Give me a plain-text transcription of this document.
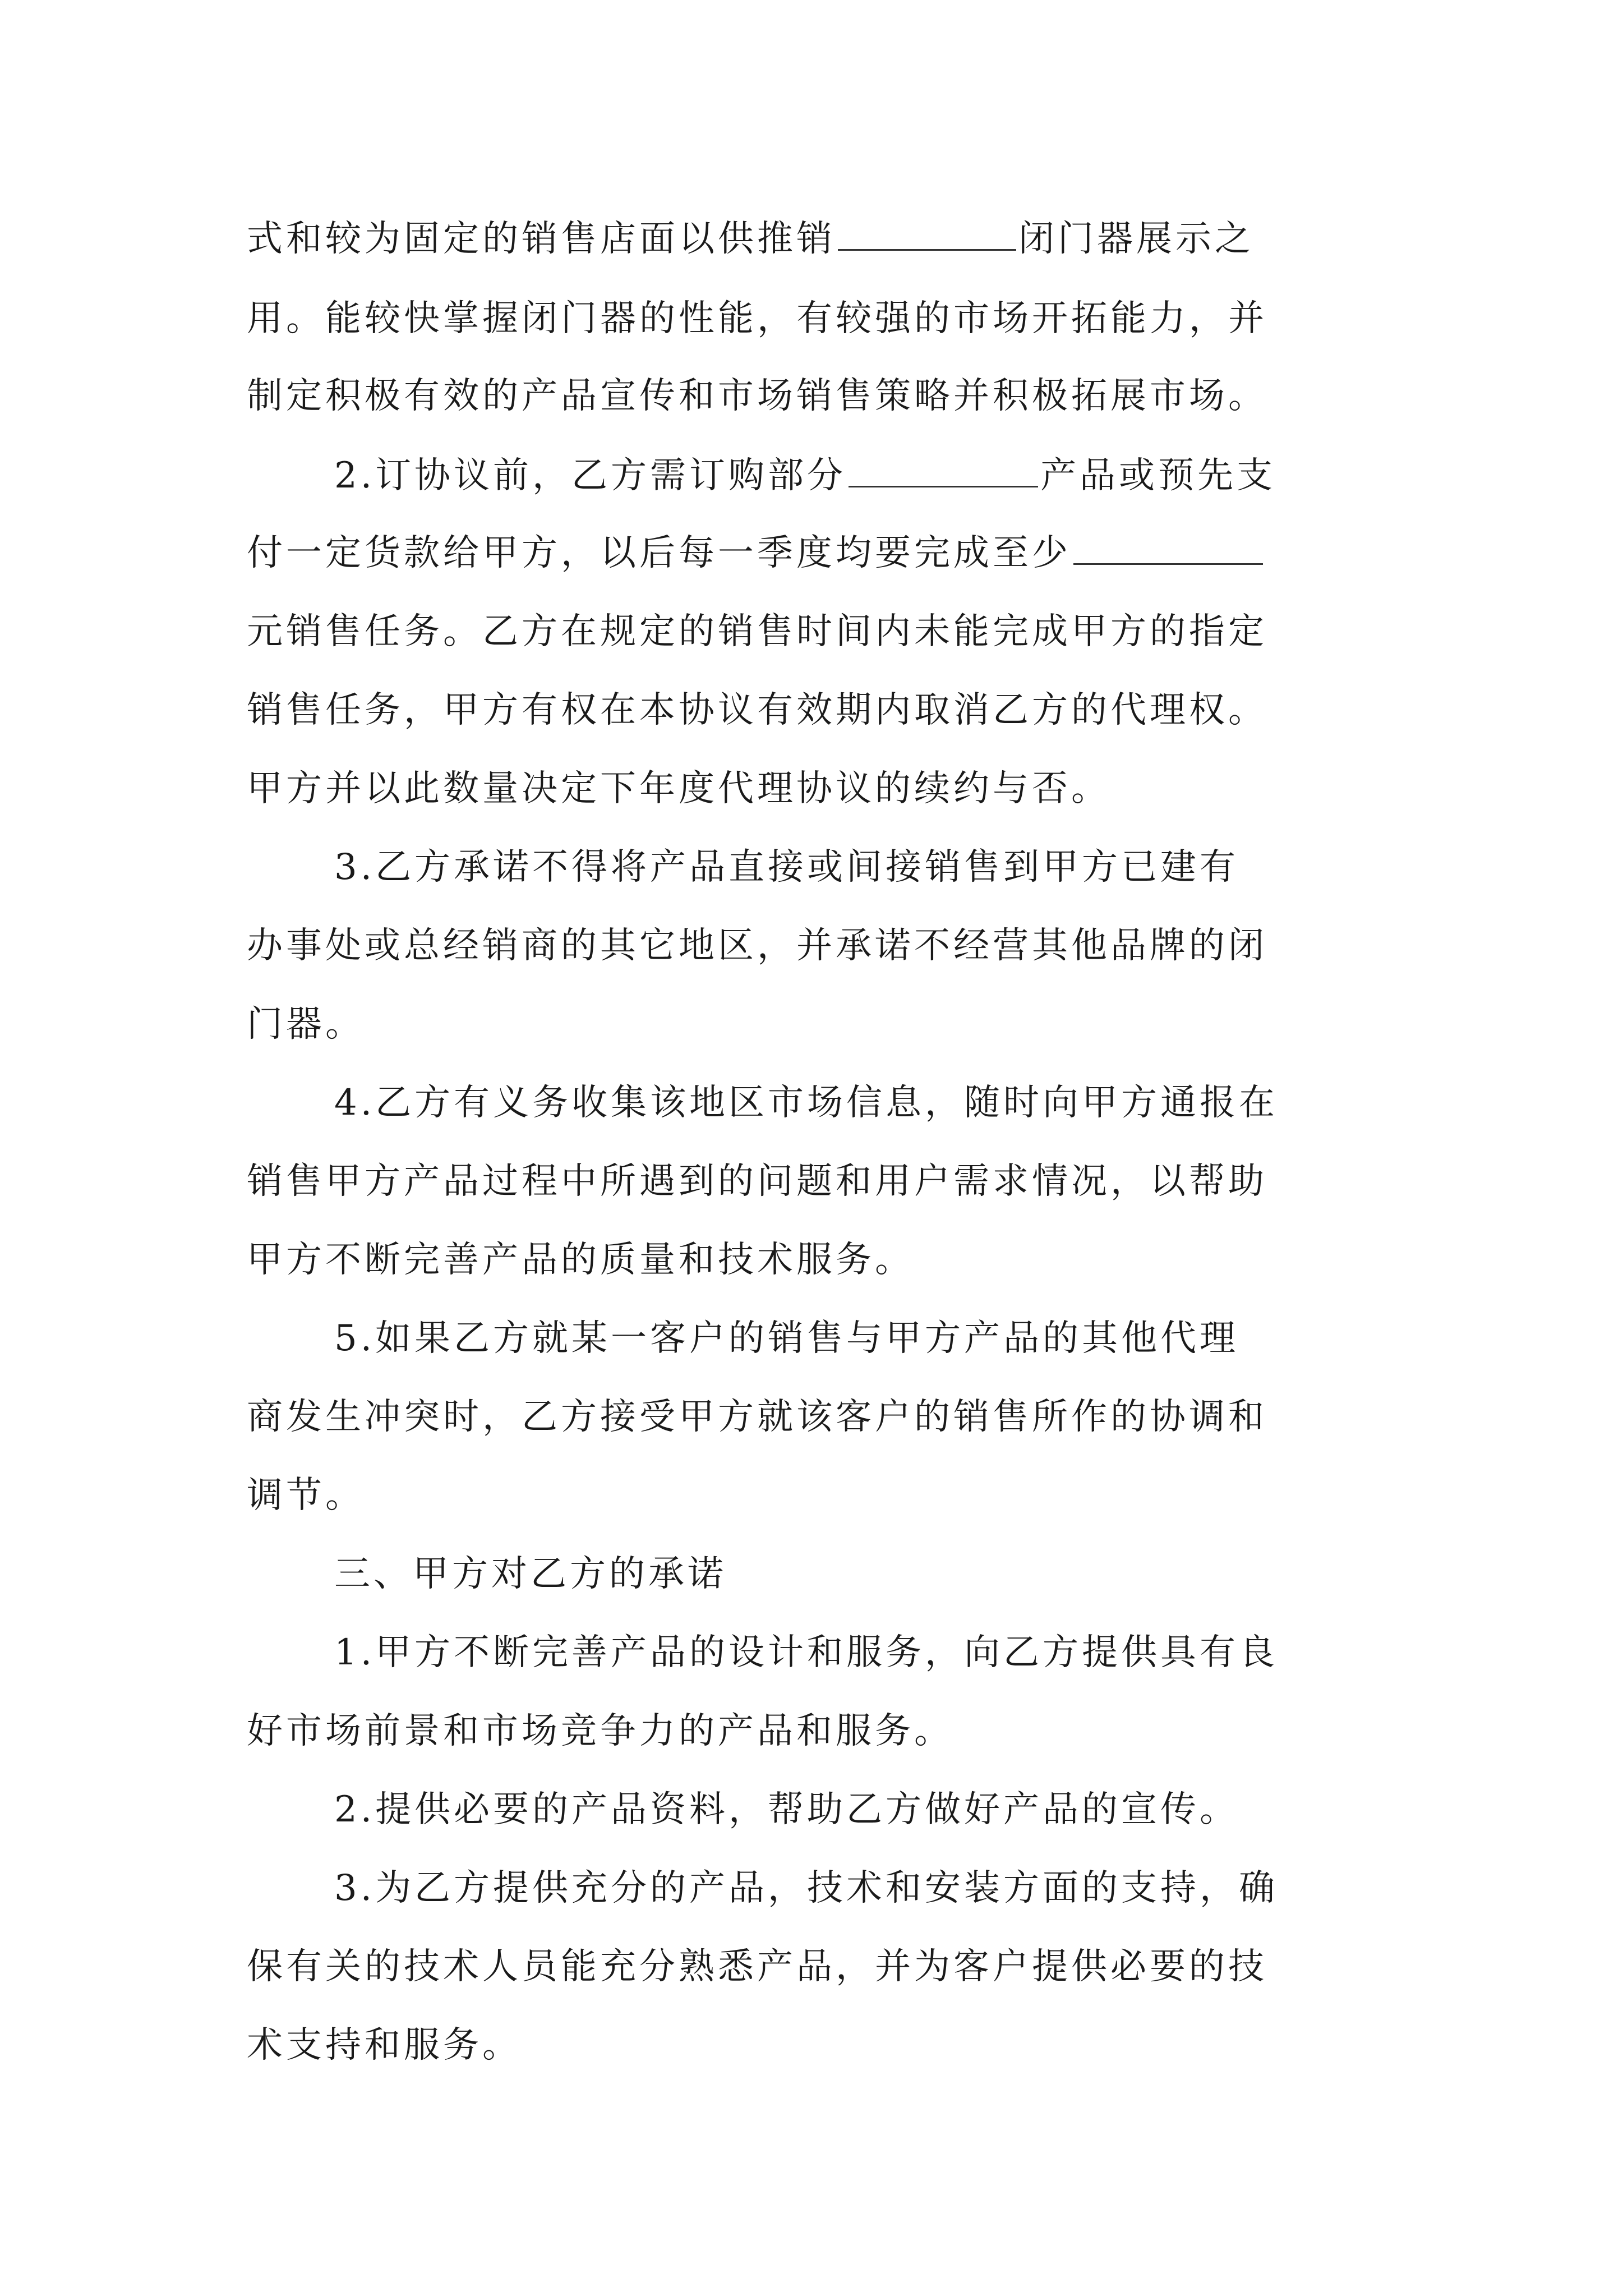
式和较为固定的销售店面以供推销	闭门器展示之
用。能较快掌握闭门器的性能，有较强的市场开拓能力，并
制定积极有效的产品宣传和市场销售策略并积极拓展市场。
2.订协议前，乙方需订购部分	产品或预先支
付一定货款给甲方，以后每一季度均要完成至少
元销售任务。乙方在规定的销售时间内未能完成甲方的指定
销售任务，甲方有权在本协议有效期内取消乙方的代理权。
甲方并以此数量决定下年度代理协议的续约与否。
3.乙方承诺不得将产品直接或间接销售到甲方已建有
办事处或总经销商的其它地区，并承诺不经营其他品牌的闭
门器。
4.乙方有义务收集该地区市场信息，随时向甲方通报在
销售甲方产品过程中所遇到的问题和用户需求情况，以帮助
甲方不断完善产品的质量和技术服务。
5.如果乙方就某一客户的销售与甲方产品的其他代理
商发生冲突时，乙方接受甲方就该客户的销售所作的协调和
调节。
三、甲方对乙方的承诺
1.甲方不断完善产品的设计和服务，向乙方提供具有良
好市场前景和市场竞争力的产品和服务。
2.提供必要的产品资料，帮助乙方做好产品的宣传。
3.为乙方提供充分的产品，技术和安装方面的支持，确
保有关的技术人员能充分熟悉产品，并为客户提供必要的技
术支持和服务。
